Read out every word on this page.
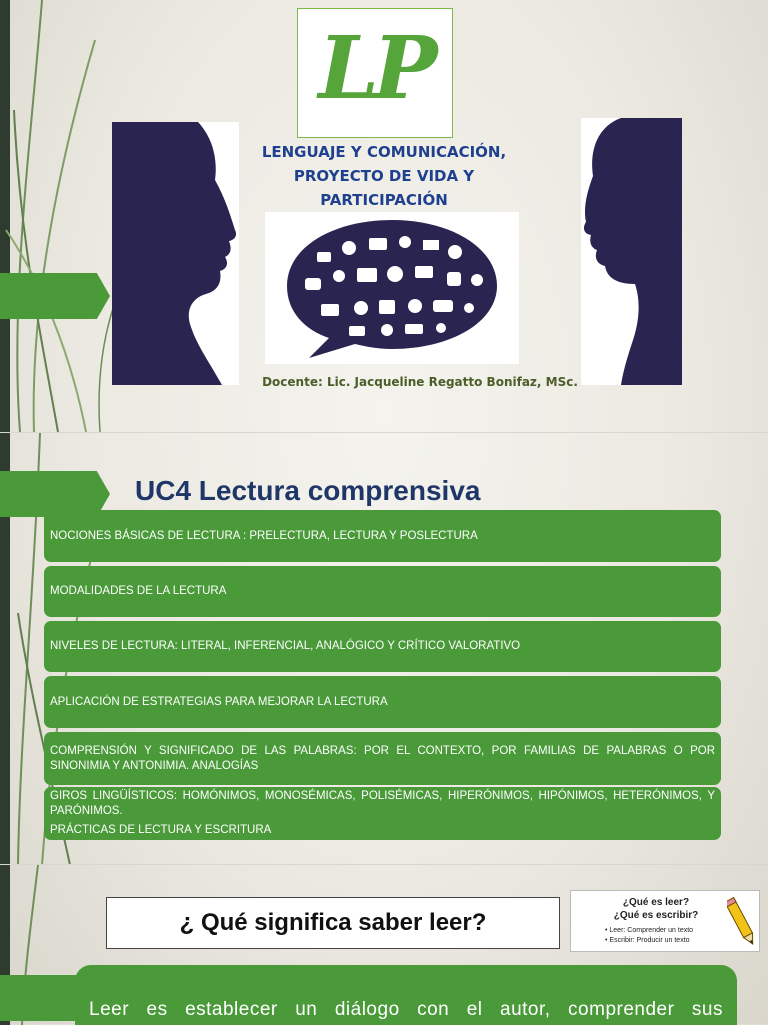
LP
LENGUAJE Y COMUNICACIÓN,
PROYECTO DE VIDA Y PARTICIPACIÓN
Docente: Lic. Jacqueline Regatto Bonifaz, MSc.
UC4 Lectura comprensiva
NOCIONES BÁSICAS DE LECTURA : PRELECTURA, LECTURA Y POSLECTURA
MODALIDADES DE LA LECTURA
NIVELES DE LECTURA: LITERAL, INFERENCIAL, ANALÓGICO Y CRÍTICO VALORATIVO
APLICACIÓN DE ESTRATEGIAS PARA MEJORAR LA LECTURA
COMPRENSIÓN Y SIGNIFICADO DE LAS PALABRAS: POR EL CONTEXTO, POR FAMILIAS DE PALABRAS O POR SINONIMIA Y ANTONIMIA. ANALOGÍAS
GIROS LINGÜÍSTICOS: HOMÓNIMOS, MONOSÉMICAS, POLISÉMICAS, HIPERÓNIMOS, HIPÓNIMOS, HETERÓNIMOS, Y PARÓNIMOS.
PRÁCTICAS DE LECTURA Y ESCRITURA
¿ Qué significa saber leer?
¿Qué es leer?
¿Qué es escribir?
• Leer: Comprender un texto
• Escribir: Producir un texto

Leer es establecer un diálogo con el autor, comprender sus
